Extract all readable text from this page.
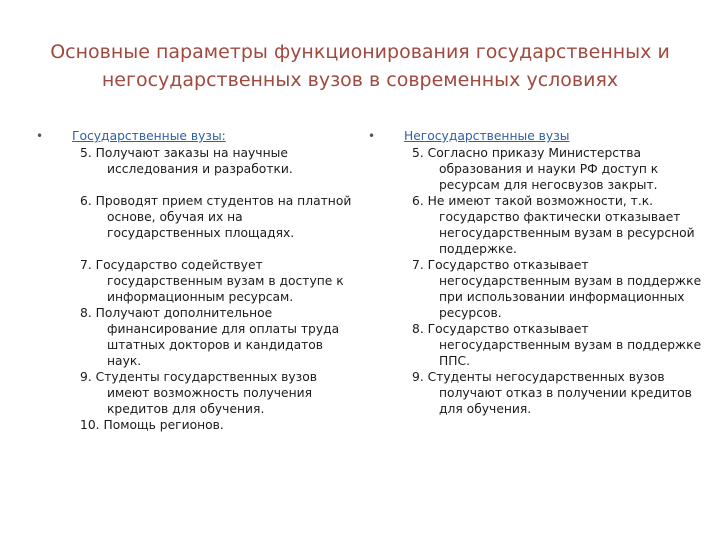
Основные параметры функционирования государственных и
негосударственных вузов в современных условиях
• Государственные вузы:
5. Получают заказы на научные исследования и разработки.
6. Проводят прием студентов на платной основе, обучая их на государственных площадях.
7. Государство содействует государственным вузам в доступе к информационным ресурсам.
8. Получают дополнительное финансирование для оплаты труда штатных докторов и кандидатов наук.
9. Студенты государственных вузов имеют возможность получения кредитов для обучения.
10. Помощь регионов.
• Негосударственные вузы
5. Согласно приказу Министерства образования и науки РФ доступ к ресурсам для негосвузов закрыт.
6. Не имеют такой возможности, т.к. государство фактически отказывает негосударственным вузам в ресурсной поддержке.
7. Государство отказывает негосударственным вузам в поддержке при использовании информационных ресурсов.
8. Государство отказывает негосударственным вузам в поддержке ППС.
9. Студенты негосударственных вузов получают отказ в получении кредитов для обучения.
